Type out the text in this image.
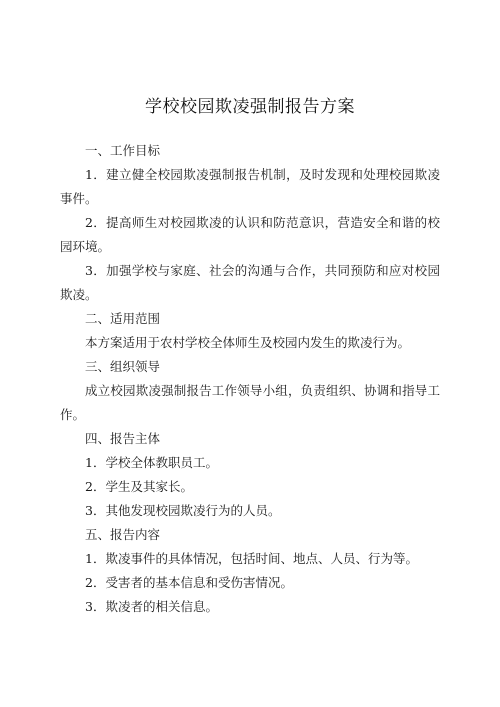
学校校园欺凌强制报告方案

一、工作目标

1．建立健全校园欺凌强制报告机制，及时发现和处理校园欺凌事件。

2．提高师生对校园欺凌的认识和防范意识，营造安全和谐的校园环境。

3．加强学校与家庭、社会的沟通与合作，共同预防和应对校园欺凌。

二、适用范围

本方案适用于农村学校全体师生及校园内发生的欺凌行为。

三、组织领导

成立校园欺凌强制报告工作领导小组，负责组织、协调和指导工作。

四、报告主体

1．学校全体教职员工。

2．学生及其家长。

3．其他发现校园欺凌行为的人员。

五、报告内容

1．欺凌事件的具体情况，包括时间、地点、人员、行为等。

2．受害者的基本信息和受伤害情况。

3．欺凌者的相关信息。
